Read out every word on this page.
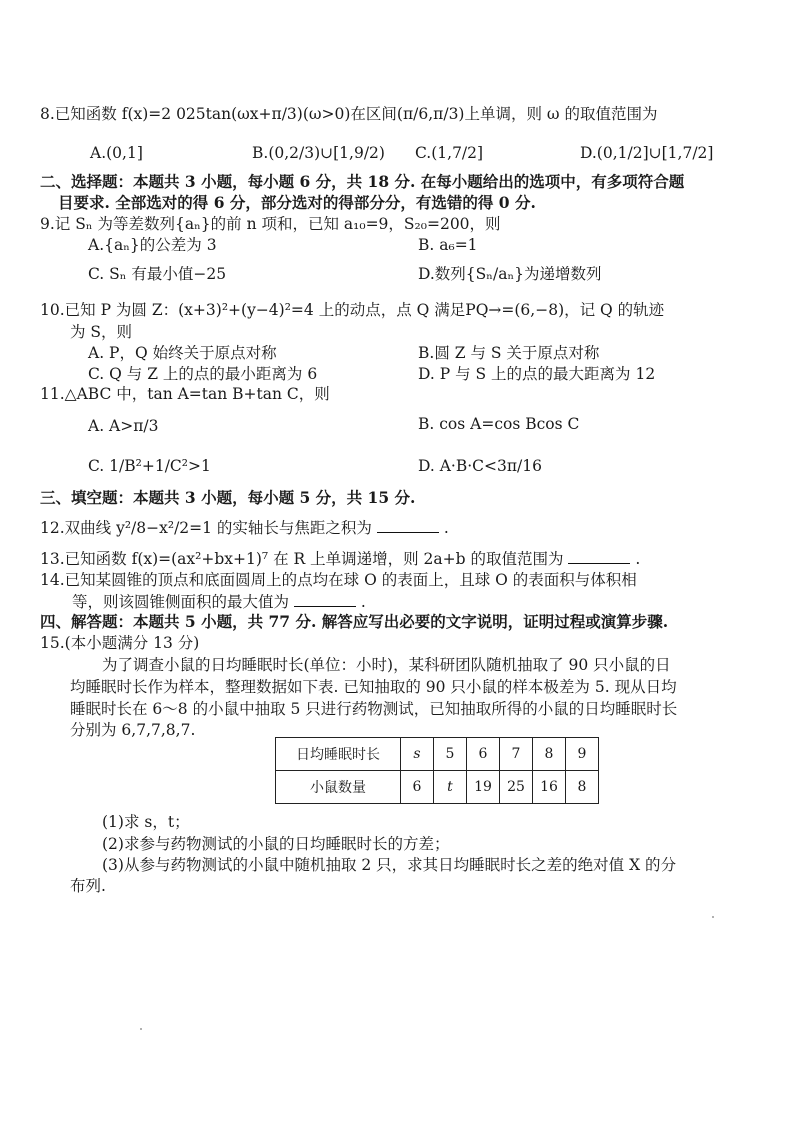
8.已知函数 f(x)=2 025tan(ωx+π/3)(ω>0)在区间(π/6,π/3)上单调，则 ω 的取值范围为
A.(0,1]	B.(0,2/3)∪[1,9/2) C.(1,7/2]	D.(0,1/2]∪[1,7/2]
二、选择题：本题共 3 小题，每小题 6 分，共 18 分. 在每小题给出的选项中，有多项符合题
目要求. 全部选对的得 6 分，部分选对的得部分分，有选错的得 0 分.
9.记 Sₙ 为等差数列{aₙ}的前 n 项和，已知 a₁₀=9，S₂₀=200，则
A.{aₙ}的公差为 3	B. a₆=1
C. Sₙ 有最小值−25	D.数列{Sₙ/aₙ}为递增数列
10.已知 P 为圆 Z：(x+3)²+(y−4)²=4 上的动点，点 Q 满足PQ→=(6,−8)，记 Q 的轨迹
为 S，则
A. P，Q 始终关于原点对称	B.圆 Z 与 S 关于原点对称
C. Q 与 Z 上的点的最小距离为 6	D. P 与 S 上的点的最大距离为 12
11.△ABC 中，tan A=tan B+tan C，则
A. A>π/3	B. cos A=cos Bcos C
C. 1/B²+1/C²>1	D. A·B·C<3π/16
三、填空题：本题共 3 小题，每小题 5 分，共 15 分.
12.双曲线 y²/8−x²/2=1 的实轴长与焦距之积为	.
13.已知函数 f(x)=(ax²+bx+1)⁷ 在 R 上单调递增，则 2a+b 的取值范围为	.
14.已知某圆锥的顶点和底面圆周上的点均在球 O 的表面上，且球 O 的表面积与体积相
等，则该圆锥侧面积的最大值为	.
四、解答题：本题共 5 小题，共 77 分. 解答应写出必要的文字说明，证明过程或演算步骤.
15.(本小题满分 13 分)
为了调查小鼠的日均睡眠时长(单位：小时)，某科研团队随机抽取了 90 只小鼠的日
均睡眠时长作为样本，整理数据如下表. 已知抽取的 90 只小鼠的样本极差为 5. 现从日均
睡眠时长在 6～8 的小鼠中抽取 5 只进行药物测试，已知抽取所得的小鼠的日均睡眠时长
分别为 6,7,7,8,7.
日均睡眠时长	s	5	6	7	8	9
小鼠数量	6	t	19	25	16	8
(1)求 s，t；
(2)求参与药物测试的小鼠的日均睡眠时长的方差；
(3)从参与药物测试的小鼠中随机抽取 2 只，求其日均睡眠时长之差的绝对值 X 的分
布列.
